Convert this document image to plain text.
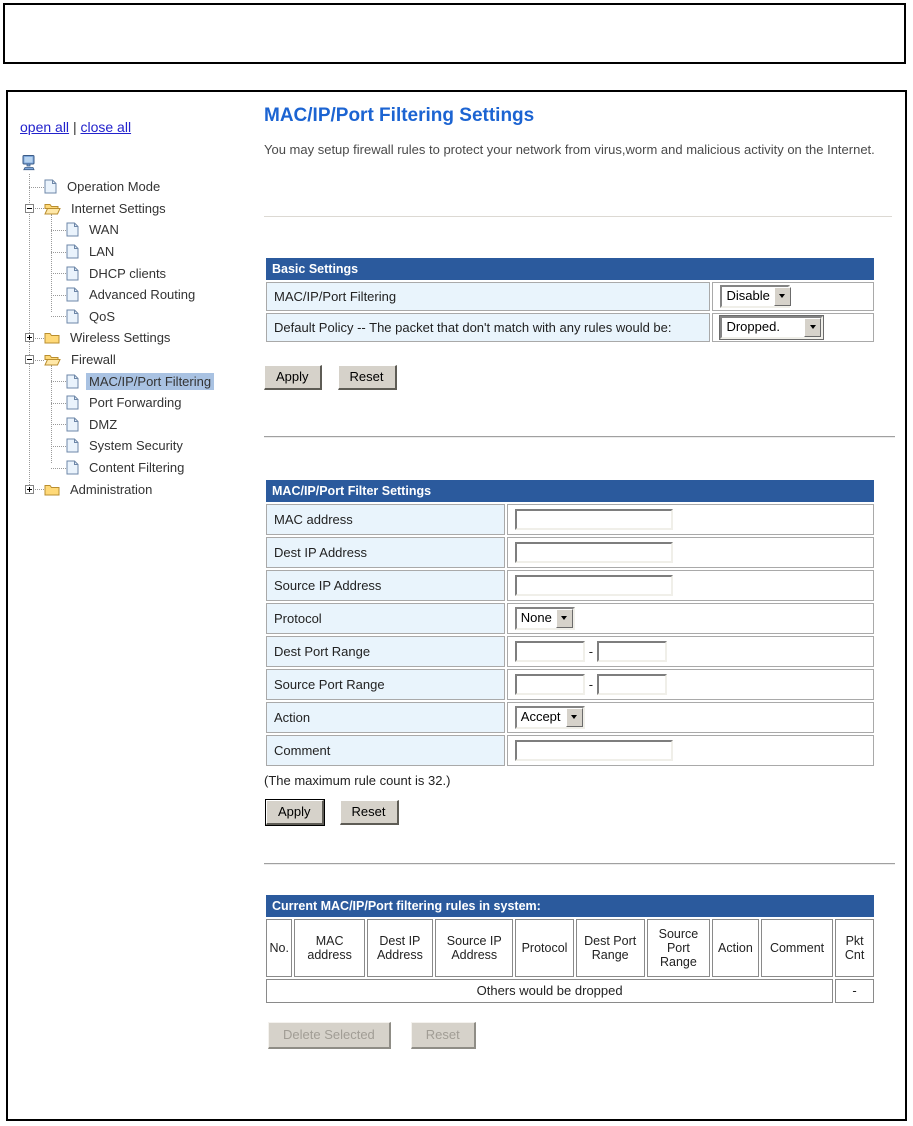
open all | close all
Operation Mode
Internet Settings
WAN
LAN
DHCP clients
Advanced Routing
QoS
Wireless Settings
Firewall
MAC/IP/Port Filtering
Port Forwarding
DMZ
System Security
Content Filtering
Administration
MAC/IP/Port Filtering Settings

You may setup firewall rules to protect your network from virus,worm and malicious activity on the Internet.

Basic Settings	
MAC/IP/Port Filtering	Disable

Default Policy -- The packet that don't match with any rules would be:	Dropped.
Apply	Reset
MAC/IP/Port Filter Settings	
MAC address	
Dest IP Address	
Source IP Address	
Protocol	None

Dest Port Range	-
Source Port Range	-
Action	Accept

Comment	

(The maximum rule count is 32.)

Apply	Reset
Current MAC/IP/Port filtering rules in system:									
No.	MAC address	Dest IP Address	Source IP Address	Protocol	Dest Port Range	Source Port Range	Action	Comment	Pkt Cnt
Others would be dropped									-
Delete Selected	Reset
